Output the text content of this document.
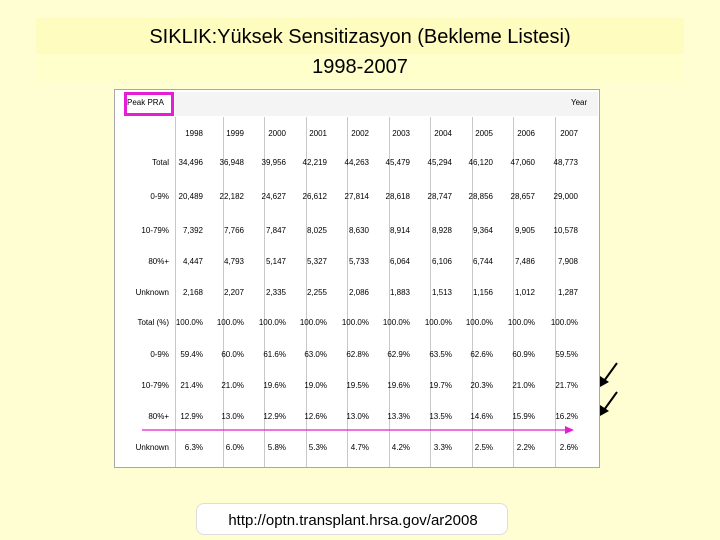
SIKLIK:Yüksek Sensitizasyon (Bekleme Listesi)
1998-2007
Peak PRA	Year
1998	1999	2000	2001	2002	2003	2004	2005	2006	2007
Total	34,496	36,948	39,956	42,219	44,263	45,479	45,294	46,120	47,060	48,773
0-9%	20,489	22,182	24,627	26,612	27,814	28,618	28,747	28,856	28,657	29,000
10-79%	7,392	7,766	7,847	8,025	8,630	8,914	8,928	9,364	9,905	10,578
80%+	4,447	4,793	5,147	5,327	5,733	6,064	6,106	6,744	7,486	7,908
Unknown	2,168	2,207	2,335	2,255	2,086	1,883	1,513	1,156	1,012	1,287
Total (%) 100.0%	100.0%	100.0%	100.0%	100.0%	100.0%	100.0%	100.0%	100.0%	100.0%
0-9%	59.4%	60.0%	61.6%	63.0%	62.8%	62.9%	63.5%	62.6%	60.9%	59.5%
10-79%	21.4%	21.0%	19.6%	19.0%	19.5%	19.6%	19.7%	20.3%	21.0%	21.7%
80%+	12.9%	13.0%	12.9%	12.6%	13.0%	13.3%	13.5%	14.6%	15.9%	16.2%
Unknown	6.3%	6.0%	5.8%	5.3%	4.7%	4.2%	3.3%	2.5%	2.2%	2.6%
http://optn.transplant.hrsa.gov/ar2008
